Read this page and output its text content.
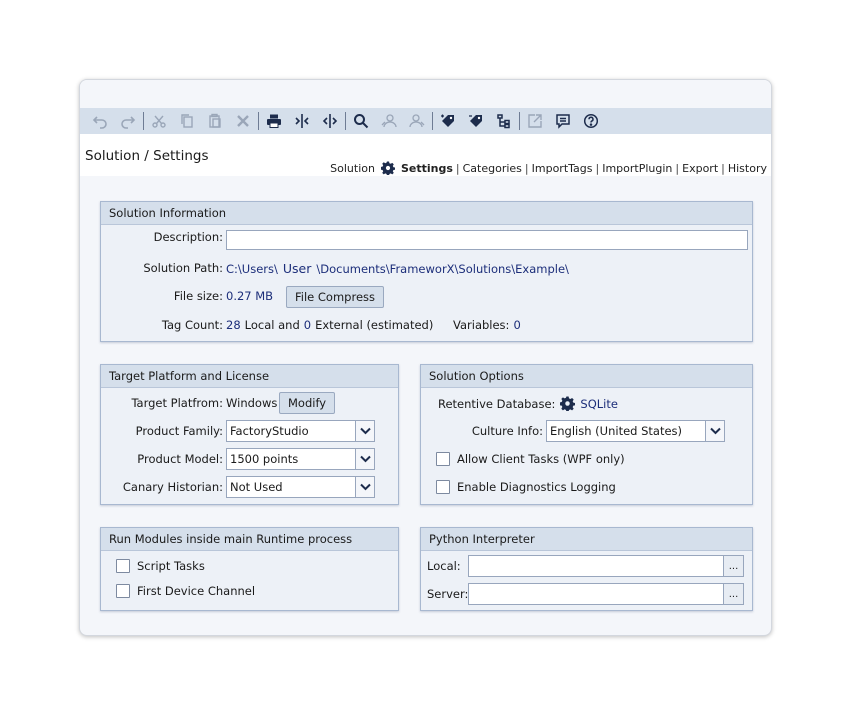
Solution / Settings
Solution Settings | Categories | ImportTags | ImportPlugin | Export | History
Solution Information
Description:
Solution Path: C:\Users\ User \Documents\FrameworX\Solutions\Example\
File size: 0.27 MB	File Compress
Tag Count: 28 Local and 0 External (estimated) Variables: 0
Target Platform and License
Target Platfrom: Windows Modify
Product Family: FactoryStudio
Product Model: 1500 points
Canary Historian: Not Used
Solution Options
Retentive Database: SQLite
Culture Info: English (United States)
Allow Client Tasks (WPF only)
Enable Diagnostics Logging
Run Modules inside main Runtime process
Script Tasks
First Device Channel
Python Interpreter
Local:	...
Server:	...
